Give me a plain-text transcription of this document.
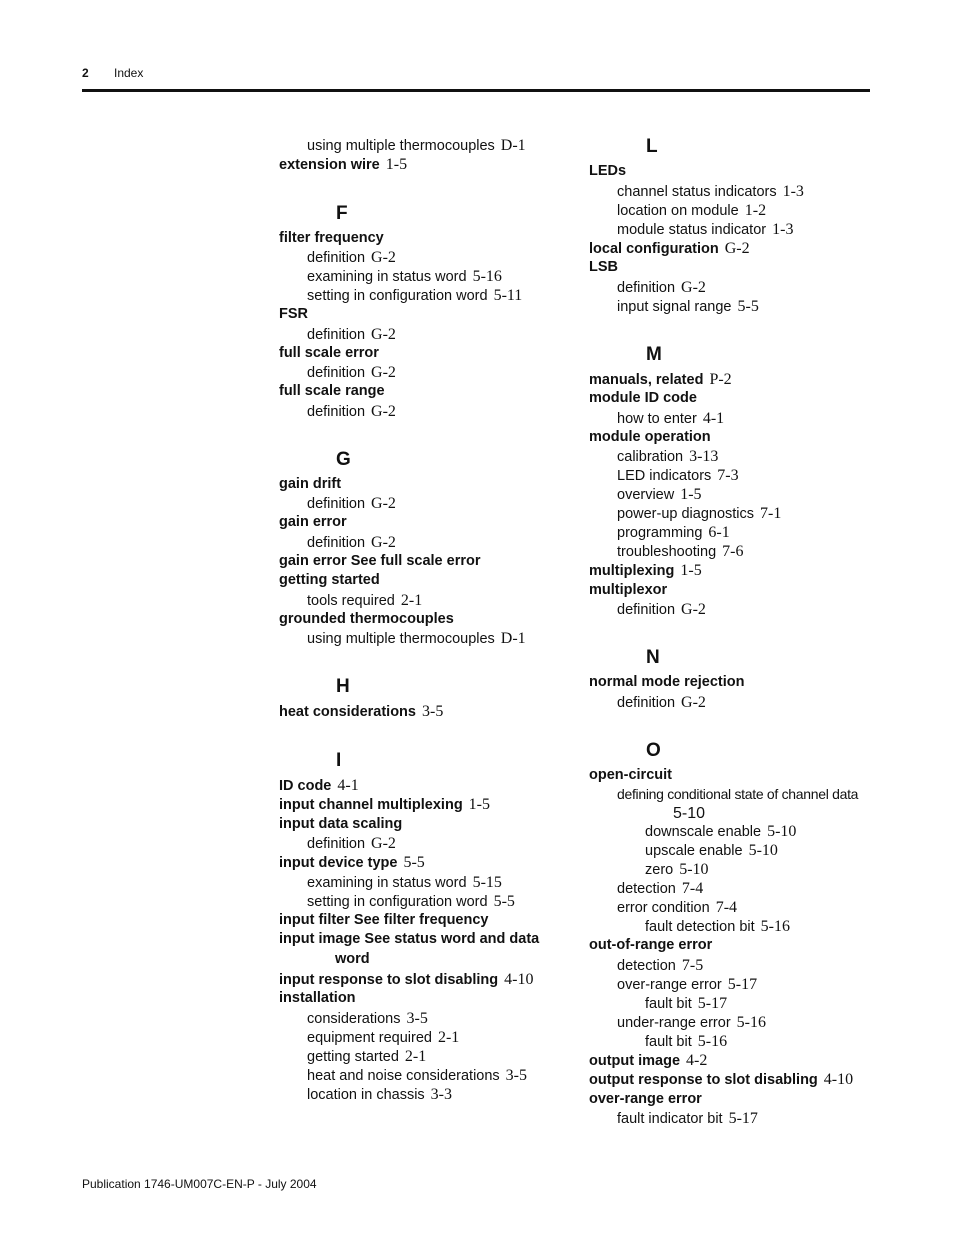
2 Index
using multiple thermocouples D-1
extension wire 1-5
F
filter frequency
definition G-2
examining in status word 5-16
setting in configuration word 5-11
FSR
definition G-2
full scale error
definition G-2
full scale range
definition G-2
G
gain drift
definition G-2
gain error
definition G-2
gain error See full scale error
getting started
tools required 2-1
grounded thermocouples
using multiple thermocouples D-1
H
heat considerations 3-5
I
ID code 4-1
input channel multiplexing 1-5
input data scaling
definition G-2
input device type 5-5
examining in status word 5-15
setting in configuration word 5-5
input filter See filter frequency
input image See status word and data
word
input response to slot disabling 4-10
installation
considerations 3-5
equipment required 2-1
getting started 2-1
heat and noise considerations 3-5
location in chassis 3-3
L
LEDs
channel status indicators 1-3
location on module 1-2
module status indicator 1-3
local configuration G-2
LSB
definition G-2
input signal range 5-5
M
manuals, related P-2
module ID code
how to enter 4-1
module operation
calibration 3-13
LED indicators 7-3
overview 1-5
power-up diagnostics 7-1
programming 6-1
troubleshooting 7-6
multiplexing 1-5
multiplexor
definition G-2
N
normal mode rejection
definition G-2
O
open-circuit
defining conditional state of channel data
5-10
downscale enable 5-10
upscale enable 5-10
zero 5-10
detection 7-4
error condition 7-4
fault detection bit 5-16
out-of-range error
detection 7-5
over-range error 5-17
fault bit 5-17
under-range error 5-16
fault bit 5-16
output image 4-2
output response to slot disabling 4-10
over-range error
fault indicator bit 5-17
Publication 1746-UM007C-EN-P - July 2004
